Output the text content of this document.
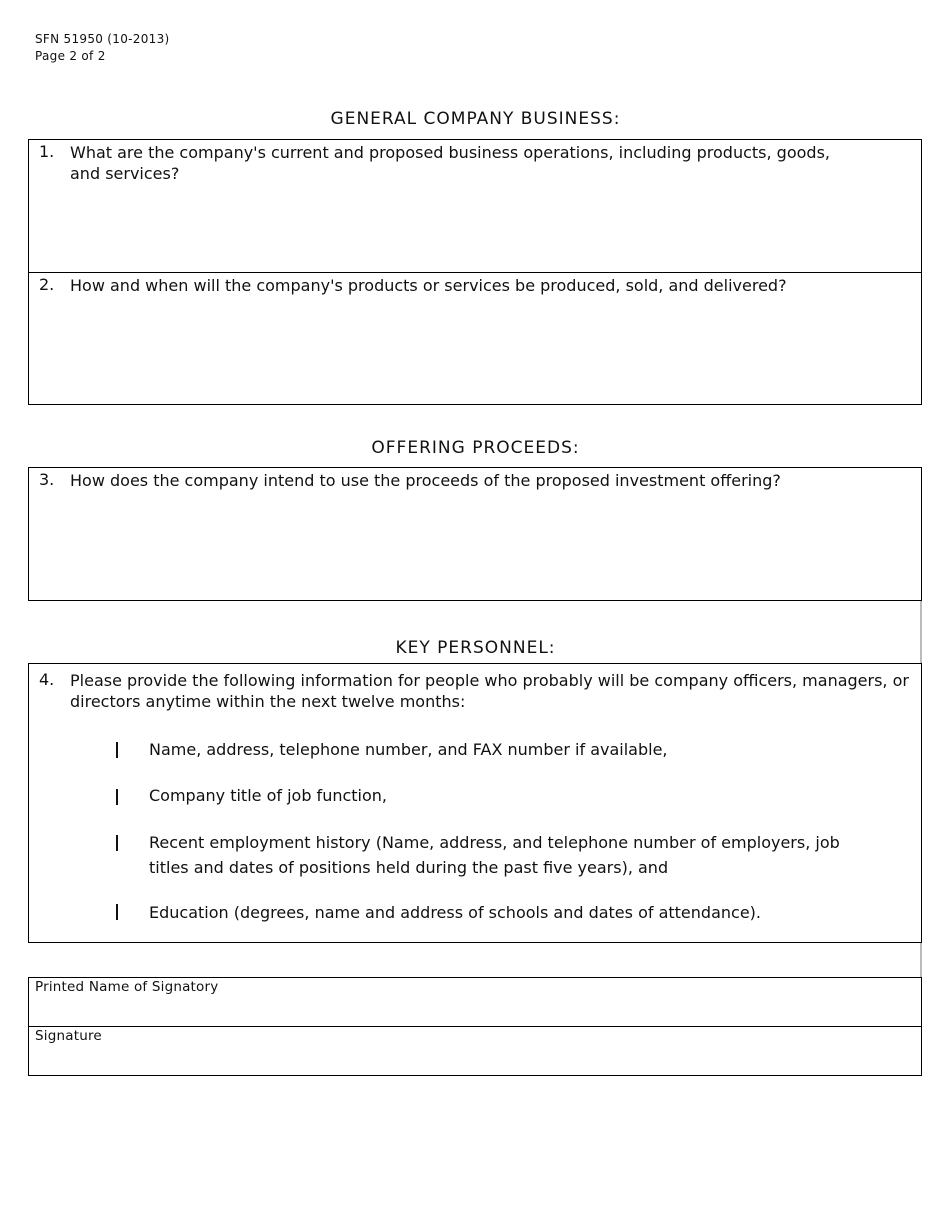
SFN 51950 (10-2013)
Page 2 of 2
GENERAL COMPANY BUSINESS:
1. What are the company's current and proposed business operations, including products, goods, and services?
2. How and when will the company's products or services be produced, sold, and delivered?
OFFERING PROCEEDS:
3. How does the company intend to use the proceeds of the proposed investment offering?
KEY PERSONNEL:
4. Please provide the following information for people who probably will be company officers, managers, or directors anytime within the next twelve months:
Name, address, telephone number, and FAX number if available,
Company title of job function,
Recent employment history (Name, address, and telephone number of employers, job titles and dates of positions held during the past five years), and
Education (degrees, name and address of schools and dates of attendance).
Printed Name of Signatory
Signature
